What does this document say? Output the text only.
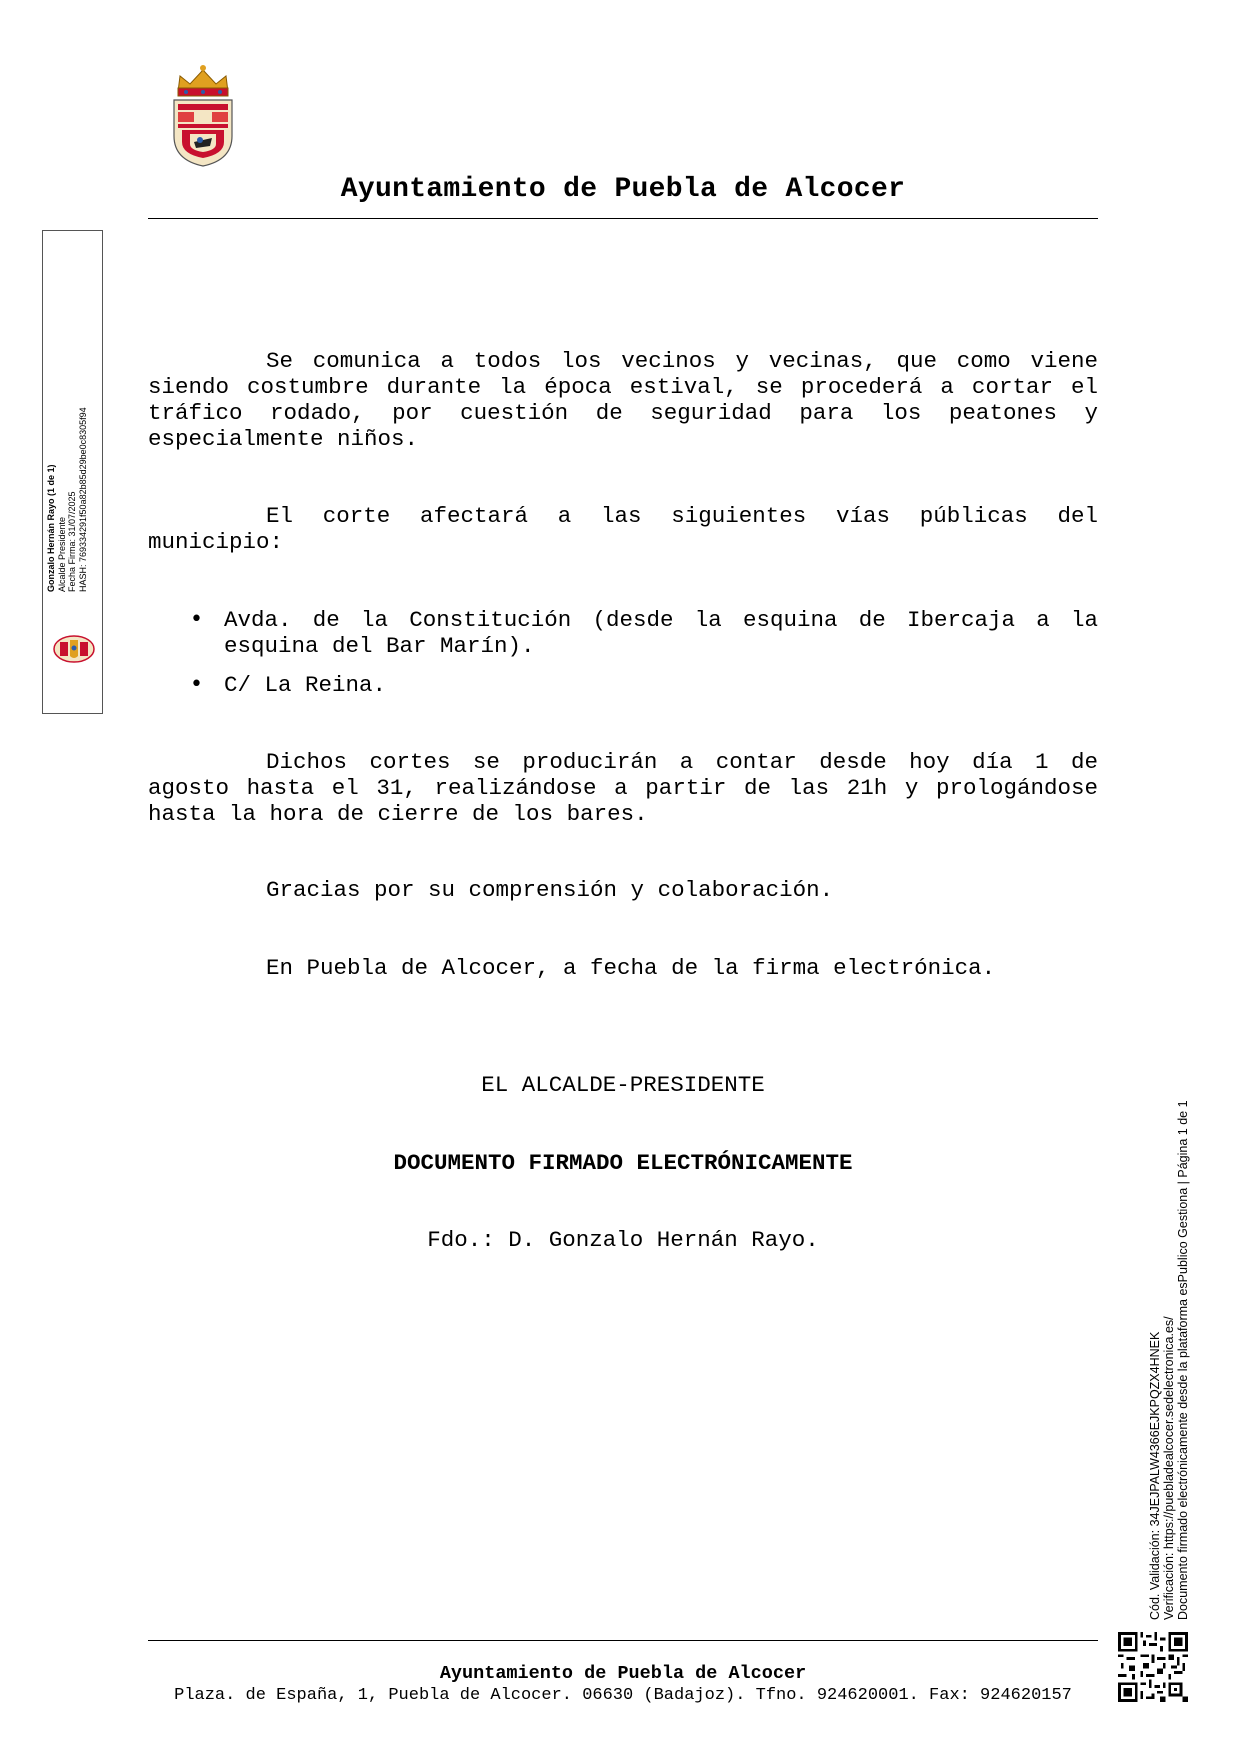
Ayuntamiento de Puebla de Alcocer
Gonzalo Hernán Rayo (1 de 1) Alcalde Presidente Fecha Firma: 31/07/2025 HASH: 769334291f50a82b85d29be0c8305f94

Se comunica a todos los vecinos y vecinas, que como viene siendo costumbre durante la época estival, se procederá a cortar el tráfico rodado, por cuestión de seguridad para los peatones y especialmente niños.

El corte afectará a las siguientes vías públicas del municipio:

• Avda. de la Constitución (desde la esquina de Ibercaja a la esquina del Bar Marín).
• C/ La Reina.

Dichos cortes se producirán a contar desde hoy día 1 de agosto hasta el 31, realizándose a partir de las 21h y prologándose hasta la hora de cierre de los bares.

Gracias por su comprensión y colaboración.

En Puebla de Alcocer, a fecha de la firma electrónica.

EL ALCALDE-PRESIDENTE
DOCUMENTO FIRMADO ELECTRÓNICAMENTE
Fdo.: D. Gonzalo Hernán Rayo.
Cód. Validación: 34JEJPALW4366EJKPQZX4HNEK Verificación: https://puebladealcocer.sedelectronica.es/ Documento firmado electrónicamente desde la plataforma esPublico Gestiona | Página 1 de 1
Ayuntamiento de Puebla de Alcocer
Plaza. de España, 1, Puebla de Alcocer. 06630 (Badajoz). Tfno. 924620001. Fax: 924620157
